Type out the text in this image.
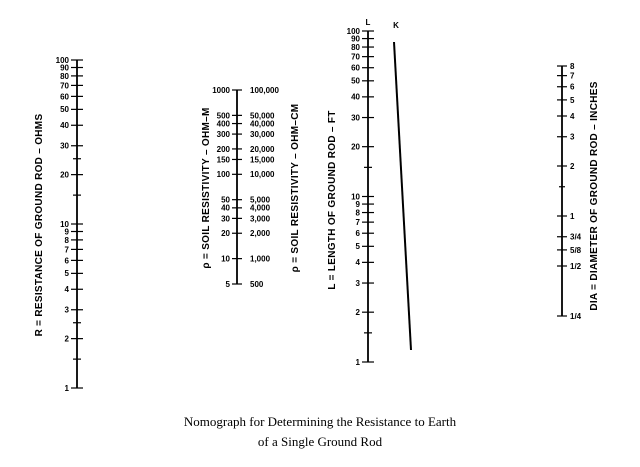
100
90
80
70
60
50
40
30
20
10
9
8
7
6
5
4
3
2
1
R = RESISTANCE OF GROUND ROD – OHMS
1000	100,000
500	50,000
400	40,000
300	30,000
200	20,000
150	15,000
100	10,000
50	5,000
40	4,000
30	3,000
20	2,000
10	1,000
5	500
ρ = SOIL RESISTIVITY – OHM–M	ρ = SOIL RESISTIVITY – OHM–CM
L
100
90
80
70
60
50
40
30
20
10
9
8
7
6
5
4
3
2
1
L = LENGTH OF GROUND ROD – FT
K
8
7
6
5
4
3
2
1
3/4
5/8
1/2
1/4
DIA = DIAMETER OF GROUND ROD – INCHES
Nomograph for Determining the Resistance to Earth
of a Single Ground Rod
